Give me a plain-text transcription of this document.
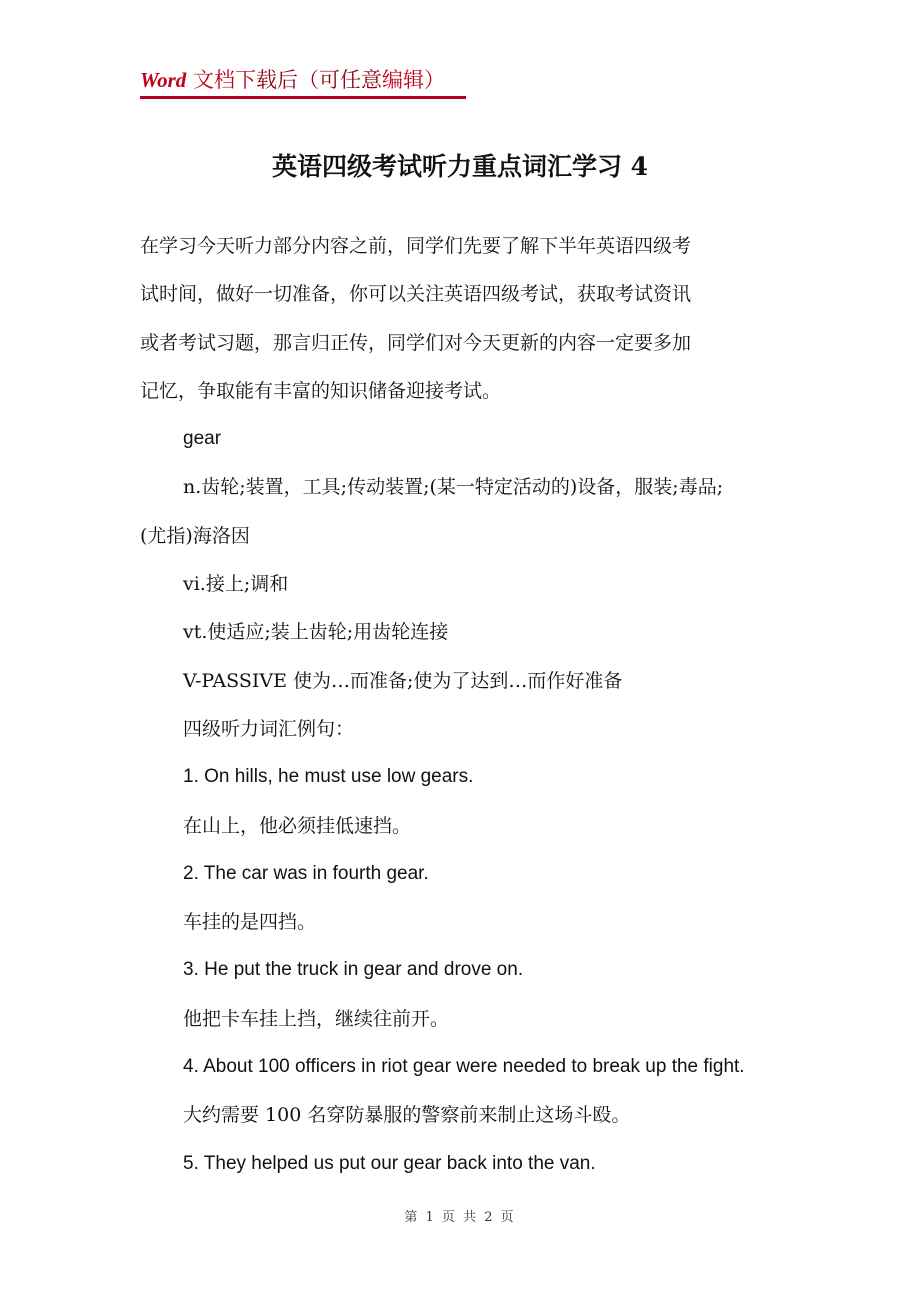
Word 文档下载后（可任意编辑）
英语四级考试听力重点词汇学习 4
在学习今天听力部分内容之前，同学们先要了解下半年英语四级考
试时间，做好一切准备，你可以关注英语四级考试，获取考试资讯
或者考试习题，那言归正传，同学们对今天更新的内容一定要多加
记忆，争取能有丰富的知识储备迎接考试。
gear
n.齿轮;装置，工具;传动装置;(某一特定活动的)设备，服装;毒品;
(尤指)海洛因
vi.接上;调和
vt.使适应;装上齿轮;用齿轮连接
V-PASSIVE 使为…而准备;使为了达到…而作好准备
四级听力词汇例句：
1. On hills, he must use low gears.
在山上，他必须挂低速挡。
2. The car was in fourth gear.
车挂的是四挡。
3. He put the truck in gear and drove on.
他把卡车挂上挡，继续往前开。
4. About 100 officers in riot gear were needed to break up the fight.
大约需要 100 名穿防暴服的警察前来制止这场斗殴。
5. They helped us put our gear back into the van.
第 1 页 共 2 页
